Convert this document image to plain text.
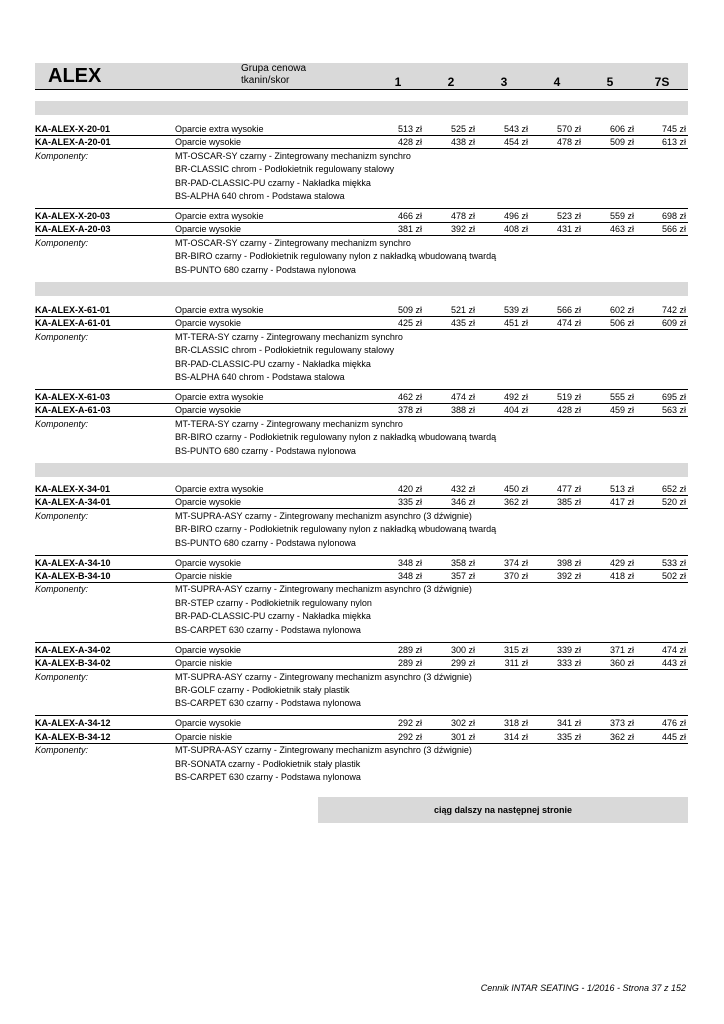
ALEX	Grupa cenowa
tkanin/skor	1	2	3	4	5	7S
KA-ALEX-X-20-01	Oparcie extra wysokie	513 zł	525 zł	543 zł	570 zł	606 zł	745 zł
KA-ALEX-A-20-01	Oparcie wysokie	428 zł	438 zł	454 zł	478 zł	509 zł	613 zł
Komponenty:	MT-OSCAR-SY czarny - Zintegrowany mechanizm synchro
BR-CLASSIC chrom - Podłokietnik regulowany stalowy
BR-PAD-CLASSIC-PU czarny - Nakładka miękka
BS-ALPHA 640 chrom - Podstawa stalowa
KA-ALEX-X-20-03	Oparcie extra wysokie	466 zł	478 zł	496 zł	523 zł	559 zł	698 zł
KA-ALEX-A-20-03	Oparcie wysokie	381 zł	392 zł	408 zł	431 zł	463 zł	566 zł
Komponenty:	MT-OSCAR-SY czarny - Zintegrowany mechanizm synchro
BR-BIRO czarny - Podłokietnik regulowany nylon z nakładką wbudowaną twardą
BS-PUNTO 680 czarny - Podstawa nylonowa
KA-ALEX-X-61-01	Oparcie extra wysokie	509 zł	521 zł	539 zł	566 zł	602 zł	742 zł
KA-ALEX-A-61-01	Oparcie wysokie	425 zł	435 zł	451 zł	474 zł	506 zł	609 zł
Komponenty:	MT-TERA-SY czarny - Zintegrowany mechanizm synchro
BR-CLASSIC chrom - Podłokietnik regulowany stalowy
BR-PAD-CLASSIC-PU czarny - Nakładka miękka
BS-ALPHA 640 chrom - Podstawa stalowa
KA-ALEX-X-61-03	Oparcie extra wysokie	462 zł	474 zł	492 zł	519 zł	555 zł	695 zł
KA-ALEX-A-61-03	Oparcie wysokie	378 zł	388 zł	404 zł	428 zł	459 zł	563 zł
Komponenty:	MT-TERA-SY czarny - Zintegrowany mechanizm synchro
BR-BIRO czarny - Podłokietnik regulowany nylon z nakładką wbudowaną twardą
BS-PUNTO 680 czarny - Podstawa nylonowa
KA-ALEX-X-34-01	Oparcie extra wysokie	420 zł	432 zł	450 zł	477 zł	513 zł	652 zł
KA-ALEX-A-34-01	Oparcie wysokie	335 zł	346 zł	362 zł	385 zł	417 zł	520 zł
Komponenty:	MT-SUPRA-ASY czarny - Zintegrowany mechanizm asynchro (3 dźwignie)
BR-BIRO czarny - Podłokietnik regulowany nylon z nakładką wbudowaną twardą
BS-PUNTO 680 czarny - Podstawa nylonowa
KA-ALEX-A-34-10	Oparcie wysokie	348 zł	358 zł	374 zł	398 zł	429 zł	533 zł
KA-ALEX-B-34-10	Oparcie niskie	348 zł	357 zł	370 zł	392 zł	418 zł	502 zł
Komponenty:	MT-SUPRA-ASY czarny - Zintegrowany mechanizm asynchro (3 dźwignie)
BR-STEP czarny - Podłokietnik regulowany nylon
BR-PAD-CLASSIC-PU czarny - Nakładka miękka
BS-CARPET 630 czarny - Podstawa nylonowa
KA-ALEX-A-34-02	Oparcie wysokie	289 zł	300 zł	315 zł	339 zł	371 zł	474 zł
KA-ALEX-B-34-02	Oparcie niskie	289 zł	299 zł	311 zł	333 zł	360 zł	443 zł
Komponenty:	MT-SUPRA-ASY czarny - Zintegrowany mechanizm asynchro (3 dźwignie)
BR-GOLF czarny - Podłokietnik stały plastik
BS-CARPET 630 czarny - Podstawa nylonowa
KA-ALEX-A-34-12	Oparcie wysokie	292 zł	302 zł	318 zł	341 zł	373 zł	476 zł
KA-ALEX-B-34-12	Oparcie niskie	292 zł	301 zł	314 zł	335 zł	362 zł	445 zł
Komponenty:	MT-SUPRA-ASY czarny - Zintegrowany mechanizm asynchro (3 dźwignie)
BR-SONATA czarny - Podłokietnik stały plastik
BS-CARPET 630 czarny - Podstawa nylonowa
ciąg dalszy na następnej stronie
Cennik INTAR SEATING - 1/2016 - Strona 37 z 152
